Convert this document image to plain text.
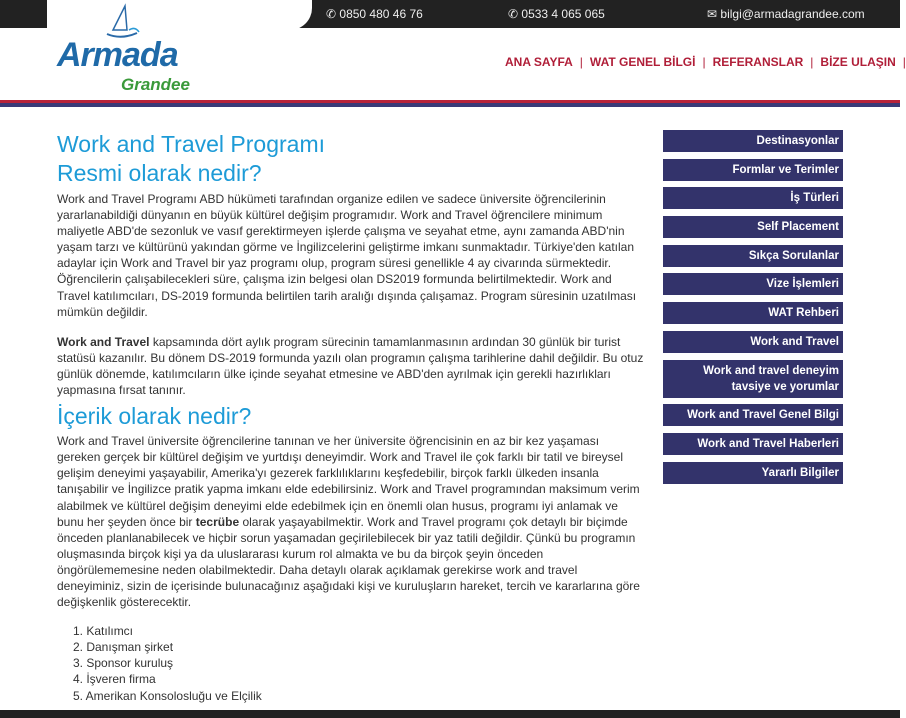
✆ 0850 480 46 76	✆ 0533 4 065 065	✉ bilgi@armadagrandee.com
Armada
Grandee
ANA SAYFA | WAT GENEL BİLGİ | REFERANSLAR | BİZE ULAŞIN |
Work and Travel Programı
Resmi olarak nedir?

Work and Travel Programı ABD hükümeti tarafından organize edilen ve sadece üniversite öğrencilerinin yararlanabildiği dünyanın en büyük kültürel değişim programıdır. Work and Travel öğrencilere minimum maliyetle ABD'de sezonluk ve vasıf gerektirmeyen işlerde çalışma ve seyahat etme, aynı zamanda ABD'nin yaşam tarzı ve kültürünü yakından görme ve İngilizcelerini geliştirme imkanı sunmaktadır. Türkiye'den katılan adaylar için Work and Travel bir yaz programı olup, program süresi genellikle 4 ay civarında sürmektedir. Öğrencilerin çalışabilecekleri süre, çalışma izin belgesi olan DS2019 formunda belirtilmektedir. Work and Travel katılımcıları, DS-2019 formunda belirtilen tarih aralığı dışında çalışamaz. Program süresinin uzatılması mümkün değildir.

Work and Travel kapsamında dört aylık program sürecinin tamamlanmasının ardından 30 günlük bir turist statüsü kazanılır. Bu dönem DS-2019 formunda yazılı olan programın çalışma tarihlerine dahil değildir. Bu otuz günlük dönemde, katılımcıların ülke içinde seyahat etmesine ve ABD'den ayrılmak için gerekli hazırlıkları yapmasına fırsat tanınır.

İçerik olarak nedir?

Work and Travel üniversite öğrencilerine tanınan ve her üniversite öğrencisinin en az bir kez yaşaması gereken gerçek bir kültürel değişim ve yurtdışı deneyimdir. Work and Travel ile çok farklı bir tatil ve bireysel gelişim deneyimi yaşayabilir, Amerika'yı gezerek farklılıklarını keşfedebilir, birçok farklı ülkeden insanla tanışabilir ve İngilizce pratik yapma imkanı elde edebilirsiniz. Work and Travel programından maksimum verim alabilmek ve kültürel değişim deneyimi elde edebilmek için en önemli olan husus, programı iyi anlamak ve bunu her şeyden önce bir tecrübe olarak yaşayabilmektir. Work and Travel programı çok detaylı bir biçimde önceden planlanabilecek ve hiçbir sorun yaşamadan geçirilebilecek bir yaz tatili değildir. Çünkü bu programın oluşmasında birçok kişi ya da uluslararası kurum rol almakta ve bu da birçok şeyin önceden öngörülememesine neden olabilmektedir. Daha detaylı olarak açıklamak gerekirse work and travel deneyiminiz, sizin de içerisinde bulunacağınız aşağıdaki kişi ve kuruluşların hareket, tercih ve kararlarına göre değişkenlik gösterecektir.

1. Katılımcı
2. Danışman şirket
3. Sponsor kuruluş
4. İşveren firma
5. Amerikan Konsolosluğu ve Elçilik
Destinasyonlar
Formlar ve Terimler
İş Türleri
Self Placement
Sıkça Sorulanlar
Vize İşlemleri
WAT Rehberi
Work and Travel
Work and travel deneyim tavsiye ve yorumlar
Work and Travel Genel Bilgi
Work and Travel Haberleri
Yararlı Bilgiler
